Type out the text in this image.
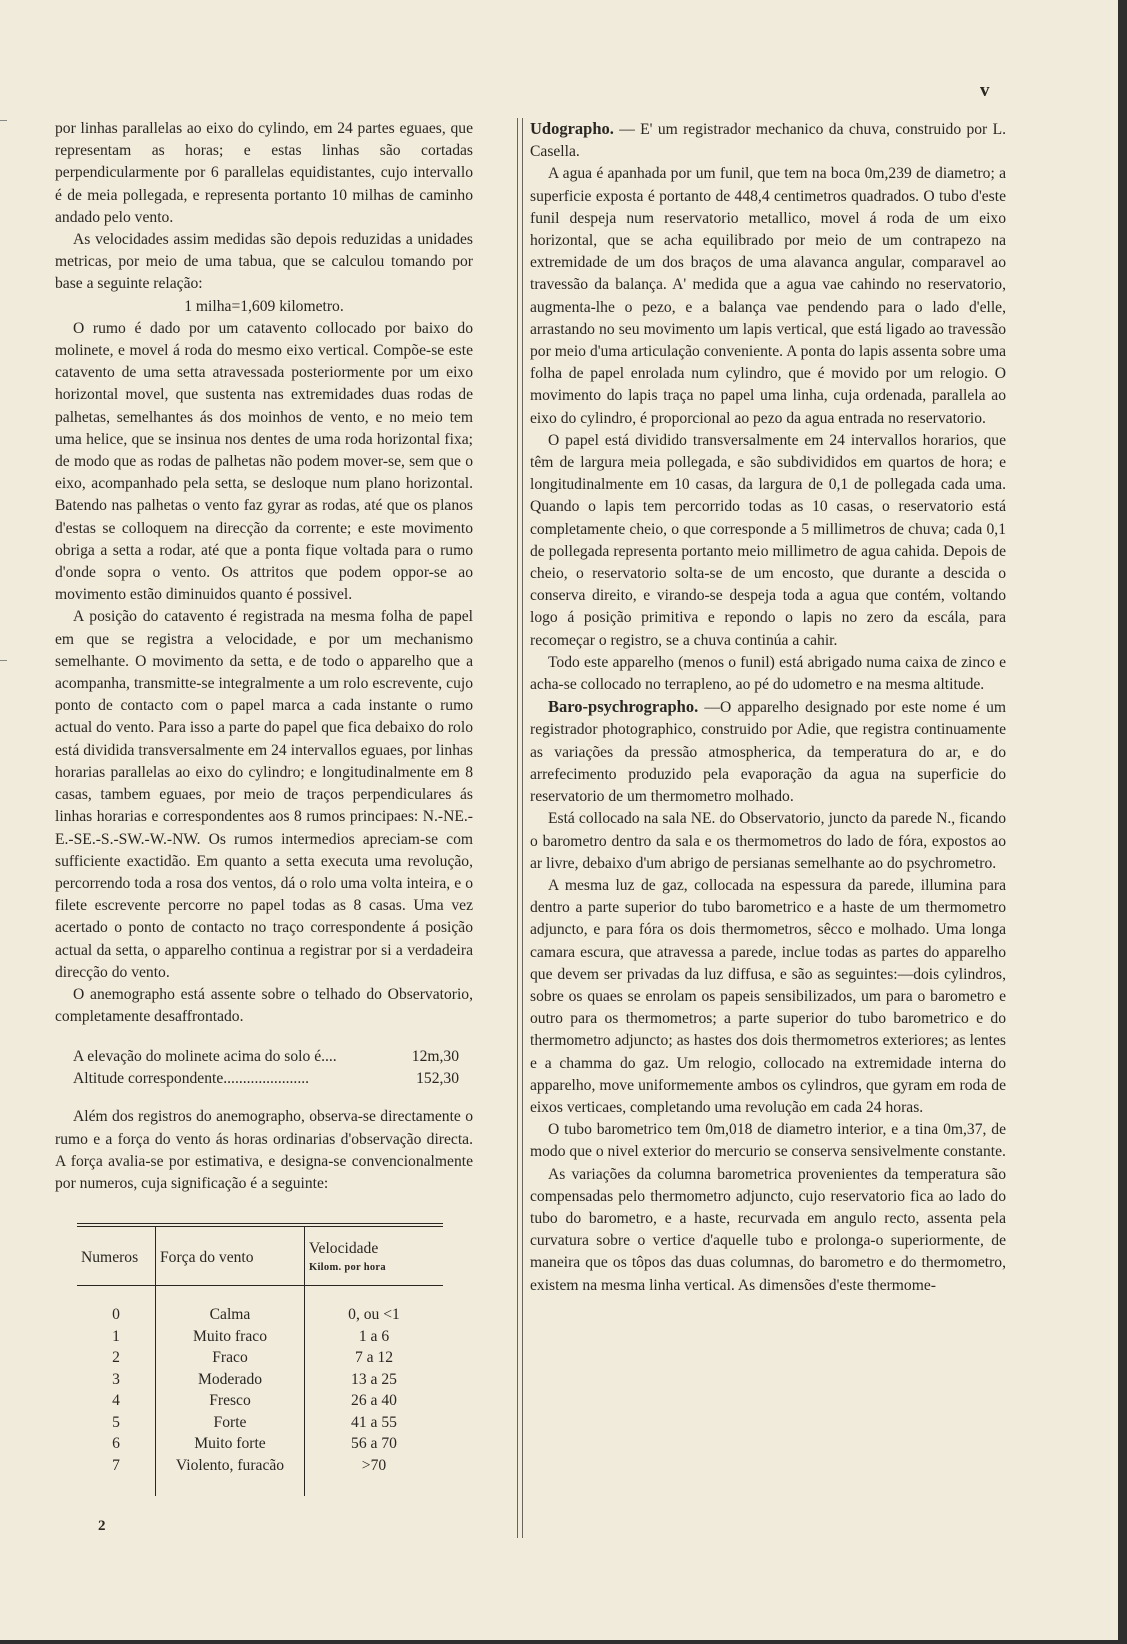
v

por linhas parallelas ao eixo do cylindo, em 24 partes eguaes, que representam as horas; e estas linhas são cortadas perpendicularmente por 6 parallelas equidistantes, cujo intervallo é de meia pollegada, e representa portanto 10 milhas de caminho andado pelo vento.

As velocidades assim medidas são depois reduzidas a unidades metricas, por meio de uma tabua, que se calculou tomando por base a seguinte relação:

1 milha=1,609 kilometro.

O rumo é dado por um catavento collocado por baixo do molinete, e movel á roda do mesmo eixo vertical. Compõe-se este catavento de uma setta atravessada posteriormente por um eixo horizontal movel, que sustenta nas extremidades duas rodas de palhetas, semelhantes ás dos moinhos de vento, e no meio tem uma helice, que se insinua nos dentes de uma roda horizontal fixa; de modo que as rodas de palhetas não podem mover-se, sem que o eixo, acompanhado pela setta, se desloque num plano horizontal. Batendo nas palhetas o vento faz gyrar as rodas, até que os planos d'estas se colloquem na direcção da corrente; e este movimento obriga a setta a rodar, até que a ponta fique voltada para o rumo d'onde sopra o vento. Os attritos que podem oppor-se ao movimento estão diminuidos quanto é possivel.

A posição do catavento é registrada na mesma folha de papel em que se registra a velocidade, e por um mechanismo semelhante. O movimento da setta, e de todo o apparelho que a acompanha, transmitte-se integralmente a um rolo escrevente, cujo ponto de contacto com o papel marca a cada instante o rumo actual do vento. Para isso a parte do papel que fica debaixo do rolo está dividida transversalmente em 24 intervallos eguaes, por linhas horarias parallelas ao eixo do cylindro; e longitudinalmente em 8 casas, tambem eguaes, por meio de traços perpendiculares ás linhas horarias e correspondentes aos 8 rumos principaes: N.-NE.-E.-SE.-S.-SW.-W.-NW. Os rumos intermedios apreciam-se com sufficiente exactidão. Em quanto a setta executa uma revolução, percorrendo toda a rosa dos ventos, dá o rolo uma volta inteira, e o filete escrevente percorre no papel todas as 8 casas. Uma vez acertado o ponto de contacto no traço correspondente á posição actual da setta, o apparelho continua a registrar por si a verdadeira direcção do vento.

O anemographo está assente sobre o telhado do Observatorio, completamente desaffrontado.

A elevação do molinete acima do solo é....	12m,30
Altitude correspondente......................	152,30

Além dos registros do anemographo, observa-se directamente o rumo e a força do vento ás horas ordinarias d'observação directa. A força avalia-se por estimativa, e designa-se convencionalmente por numeros, cuja significação é a seguinte:

Numeros	Força do vento	Velocidade
Kilom. por hora

0	Calma	0, ou <1
1	Muito fraco	1 a 6
2	Fraco	7 a 12
3	Moderado	13 a 25
4	Fresco	26 a 40
5	Forte	41 a 55
6	Muito forte	56 a 70
7	Violento, furacão	>70

Udographo. — E' um registrador mechanico da chuva, construido por L. Casella.

A agua é apanhada por um funil, que tem na boca 0m,239 de diametro; a superficie exposta é portanto de 448,4 centimetros quadrados. O tubo d'este funil despeja num reservatorio metallico, movel á roda de um eixo horizontal, que se acha equilibrado por meio de um contrapezo na extremidade de um dos braços de uma alavanca angular, comparavel ao travessão da balança. A' medida que a agua vae cahindo no reservatorio, augmenta-lhe o pezo, e a balança vae pendendo para o lado d'elle, arrastando no seu movimento um lapis vertical, que está ligado ao travessão por meio d'uma articulação conveniente. A ponta do lapis assenta sobre uma folha de papel enrolada num cylindro, que é movido por um relogio. O movimento do lapis traça no papel uma linha, cuja ordenada, parallela ao eixo do cylindro, é proporcional ao pezo da agua entrada no reservatorio.

O papel está dividido transversalmente em 24 intervallos horarios, que têm de largura meia pollegada, e são subdivididos em quartos de hora; e longitudinalmente em 10 casas, da largura de 0,1 de pollegada cada uma. Quando o lapis tem percorrido todas as 10 casas, o reservatorio está completamente cheio, o que corresponde a 5 millimetros de chuva; cada 0,1 de pollegada representa portanto meio millimetro de agua cahida. Depois de cheio, o reservatorio solta-se de um encosto, que durante a descida o conserva direito, e virando-se despeja toda a agua que contém, voltando logo á posição primitiva e repondo o lapis no zero da escála, para recomeçar o registro, se a chuva continúa a cahir.

Todo este apparelho (menos o funil) está abrigado numa caixa de zinco e acha-se collocado no terrapleno, ao pé do udometro e na mesma altitude.

Baro-psychrographo. —O apparelho designado por este nome é um registrador photographico, construido por Adie, que registra continuamente as variações da pressão atmospherica, da temperatura do ar, e do arrefecimento produzido pela evaporação da agua na superficie do reservatorio de um thermometro molhado.

Está collocado na sala NE. do Observatorio, juncto da parede N., ficando o barometro dentro da sala e os thermometros do lado de fóra, expostos ao ar livre, debaixo d'um abrigo de persianas semelhante ao do psychrometro.

A mesma luz de gaz, collocada na espessura da parede, illumina para dentro a parte superior do tubo barometrico e a haste de um thermometro adjuncto, e para fóra os dois thermometros, sêcco e molhado. Uma longa camara escura, que atravessa a parede, inclue todas as partes do apparelho que devem ser privadas da luz diffusa, e são as seguintes:—dois cylindros, sobre os quaes se enrolam os papeis sensibilizados, um para o barometro e outro para os thermometros; a parte superior do tubo barometrico e do thermometro adjuncto; as hastes dos dois thermometros exteriores; as lentes e a chamma do gaz. Um relogio, collocado na extremidade interna do apparelho, move uniformemente ambos os cylindros, que gyram em roda de eixos verticaes, completando uma revolução em cada 24 horas.

O tubo barometrico tem 0m,018 de diametro interior, e a tina 0m,37, de modo que o nivel exterior do mercurio se conserva sensivelmente constante.

As variações da columna barometrica provenientes da temperatura são compensadas pelo thermometro adjuncto, cujo reservatorio fica ao lado do tubo do barometro, e a haste, recurvada em angulo recto, assenta pela curvatura sobre o vertice d'aquelle tubo e prolonga-o superiormente, de maneira que os tôpos das duas columnas, do barometro e do thermometro, existem na mesma linha vertical. As dimensões d'este thermome-

2
